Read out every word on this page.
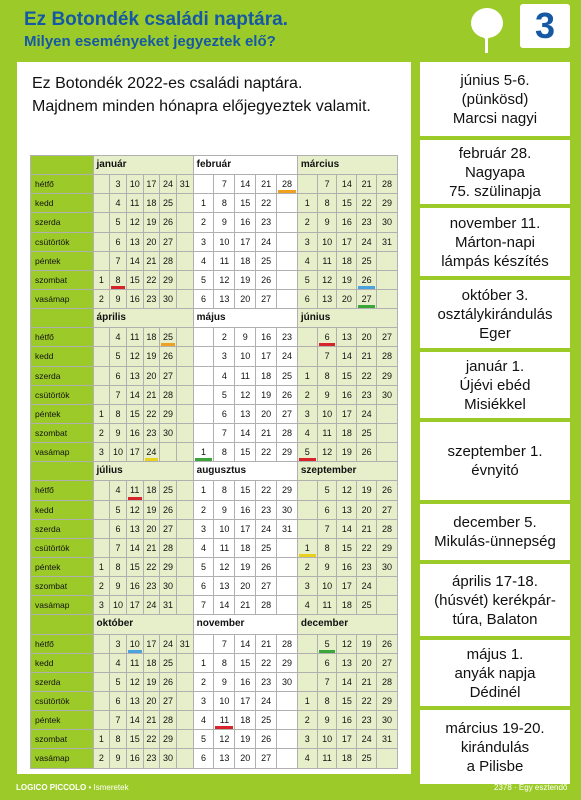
Ez Botondék családi naptára.
Milyen eseményeket jegyeztek elő?	3
Ez Botondék 2022-es családi naptára.
Majdnem minden hónapra előjegyeztek valamit.
	január						február					március				
hétfő		3	10	17	24	31		7	14	21	28		7	14	21	28
kedd		4	11	18	25		1	8	15	22		1	8	15	22	29
szerda		5	12	19	26		2	9	16	23		2	9	16	23	30
csütörtök		6	13	20	27		3	10	17	24		3	10	17	24	31
péntek		7	14	21	28		4	11	18	25		4	11	18	25	
szombat	1	8	15	22	29		5	12	19	26		5	12	19	26

vasámap	2	9	16	23	30		6	13	20	27		6	13	20	27

	április						május					június				
hétfő		4	11	18	25			2	9	16	23		6	13	20	27
kedd		5	12	19	26			3	10	17	24		7	14	21	28
szerda		6	13	20	27			4	11	18	25	1	8	15	22	29
csütörtök		7	14	21	28			5	12	19	26	2	9	16	23	30
péntek	1	8	15	22	29			6	13	20	27	3	10	17	24	
szombat	2	9	16	23	30			7	14	21	28	4	11	18	25	
vasámap	3	10	17	24			1	8	15	22	29	5	12	19	26	
	július						augusztus					szeptember				
hétfő		4	11	18	25		1	8	15	22	29		5	12	19	26
kedd		5	12	19	26		2	9	16	23	30		6	13	20	27
szerda		6	13	20	27		3	10	17	24	31		7	14	21	28
csütörtök		7	14	21	28		4	11	18	25		1	8	15	22	29
péntek	1	8	15	22	29		5	12	19	26		2	9	16	23	30
szombat	2	9	16	23	30		6	13	20	27		3	10	17	24	
vasámap	3	10	17	24	31		7	14	21	28		4	11	18	25	
	október						november					december				
hétfő		3	10	17	24	31		7	14	21	28		5	12	19	26
kedd		4	11	18	25		1	8	15	22	29		6	13	20	27
szerda		5	12	19	26		2	9	16	23	30		7	14	21	28
csütörtök		6	13	20	27		3	10	17	24		1	8	15	22	29
péntek		7	14	21	28		4	11	18	25		2	9	16	23	30
szombat	1	8	15	22	29		5	12	19	26		3	10	17	24	31
vasámap	2	9	16	23	30		6	13	20	27		4	11	18	25	
június 5-6.
(pünkösd)
Marcsi nagyi
február 28.
Nagyapa
75. szülinapja
november 11.
Márton-napi
lámpás készítés
október 3.
osztálykirándulás
Eger
január 1.
Újévi ebéd
Misiékkel
szeptember 1.
évnyitó
december 5.
Mikulás-ünnepség
április 17-18.
(húsvét) kerékpár-
túra, Balaton
május 1.
anyák napja
Dédinél
március 19-20.
kirándulás
a Pilisbe
LOGICO PICCOLO • Ismeretek	2378 · Egy esztendő
